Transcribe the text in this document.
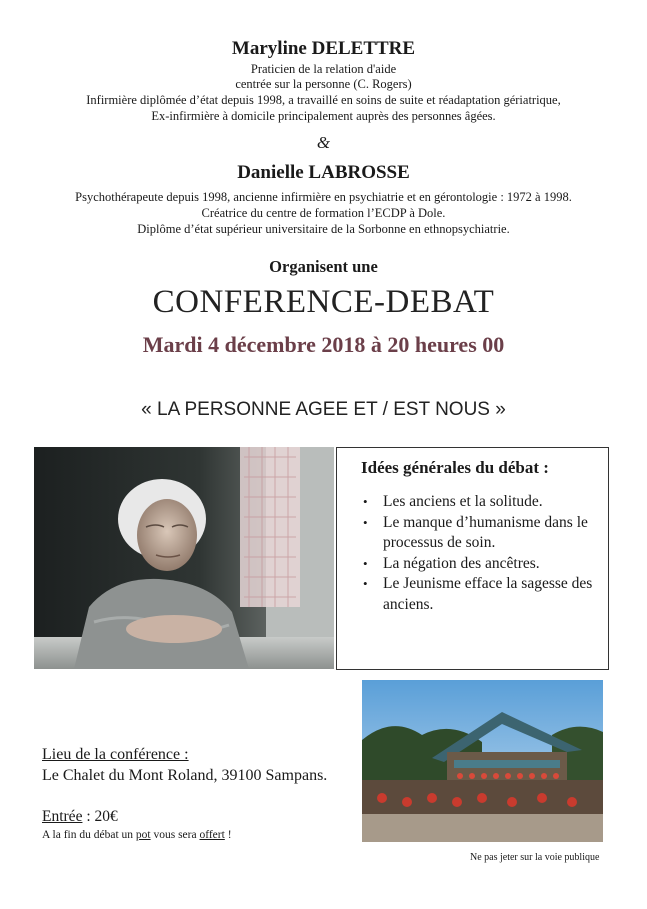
Maryline DELETTRE
Praticien de la relation d'aide
centrée sur la personne (C. Rogers)
Infirmière diplômée d’état depuis 1998, a travaillé en soins de suite et réadaptation gériatrique,
Ex-infirmière à domicile principalement auprès des personnes âgées.
&
Danielle LABROSSE
Psychothérapeute depuis 1998, ancienne infirmière en psychiatrie et en gérontologie : 1972 à 1998.
Créatrice du centre de formation l’ECDP à Dole.
Diplôme d’état supérieur universitaire de la Sorbonne en ethnopsychiatrie.
Organisent une
CONFERENCE-DEBAT
Mardi 4 décembre 2018 à 20 heures 00
« LA PERSONNE AGEE ET / EST NOUS »
Idées générales du débat :
• Les anciens et la solitude.
• Le manque d’humanisme dans le processus de soin.
• La négation des ancêtres.
• Le Jeunisme efface la sagesse des anciens.
Lieu de la conférence :
Le Chalet du Mont Roland, 39100 Sampans.
Entrée : 20€
A la fin du débat un pot vous sera offert !
Ne pas jeter sur la voie publique
